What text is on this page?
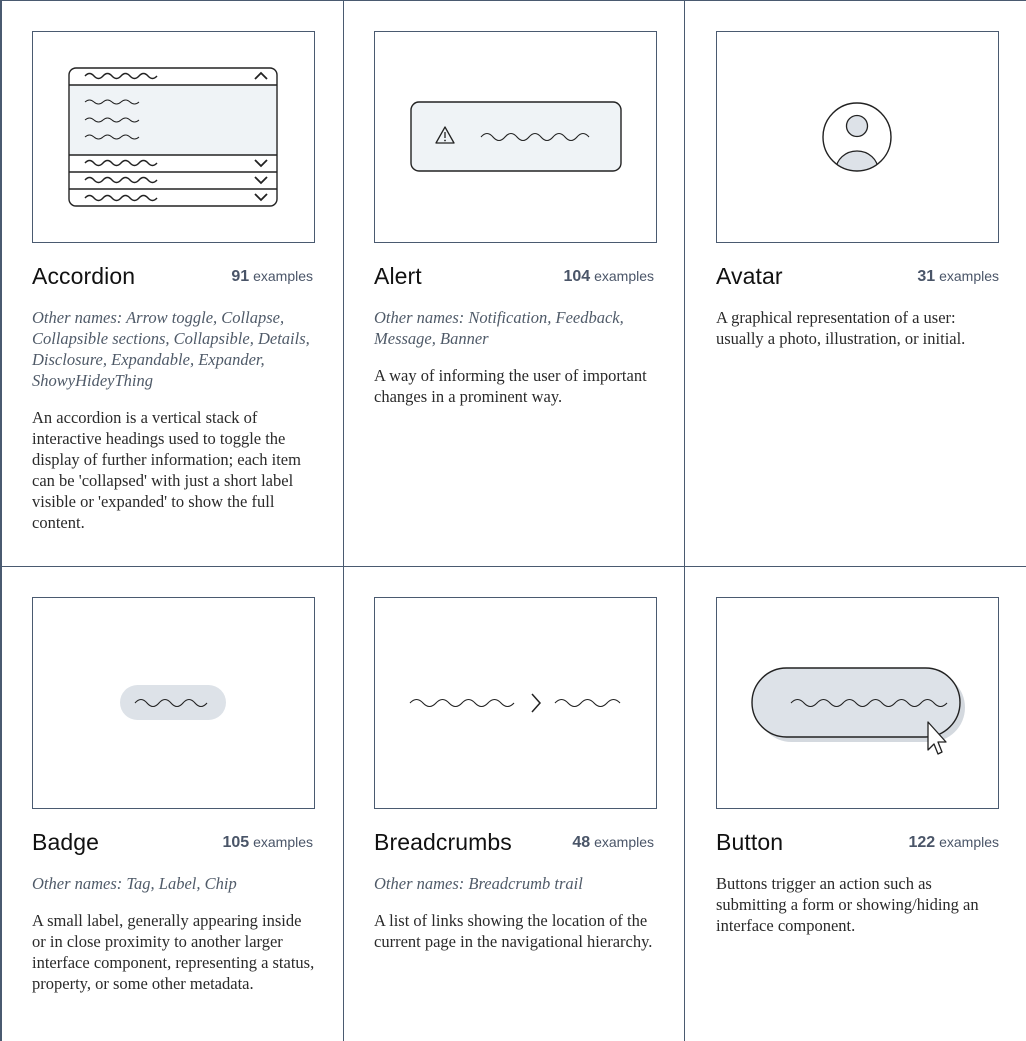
Accordion	91 examples

Other names: Arrow toggle, Collapse, Collapsible sections, Collapsible, Details, Disclosure, Expandable, Expander, ShowyHideyThing

An accordion is a vertical stack of interactive headings used to toggle the display of further information; each item can be 'collapsed' with just a short label visible or 'expanded' to show the full content.

Alert	104 examples

Other names: Notification, Feedback, Message, Banner

A way of informing the user of important changes in a prominent way.

Avatar	31 examples

A graphical representation of a user: usually a photo, illustration, or initial.

Badge	105 examples

Other names: Tag, Label, Chip

A small label, generally appearing inside or in close proximity to another larger interface component, representing a status, property, or some other metadata.

Breadcrumbs	48 examples

Other names: Breadcrumb trail

A list of links showing the location of the current page in the navigational hierarchy.

Button	122 examples

Buttons trigger an action such as submitting a form or showing/hiding an interface component.
